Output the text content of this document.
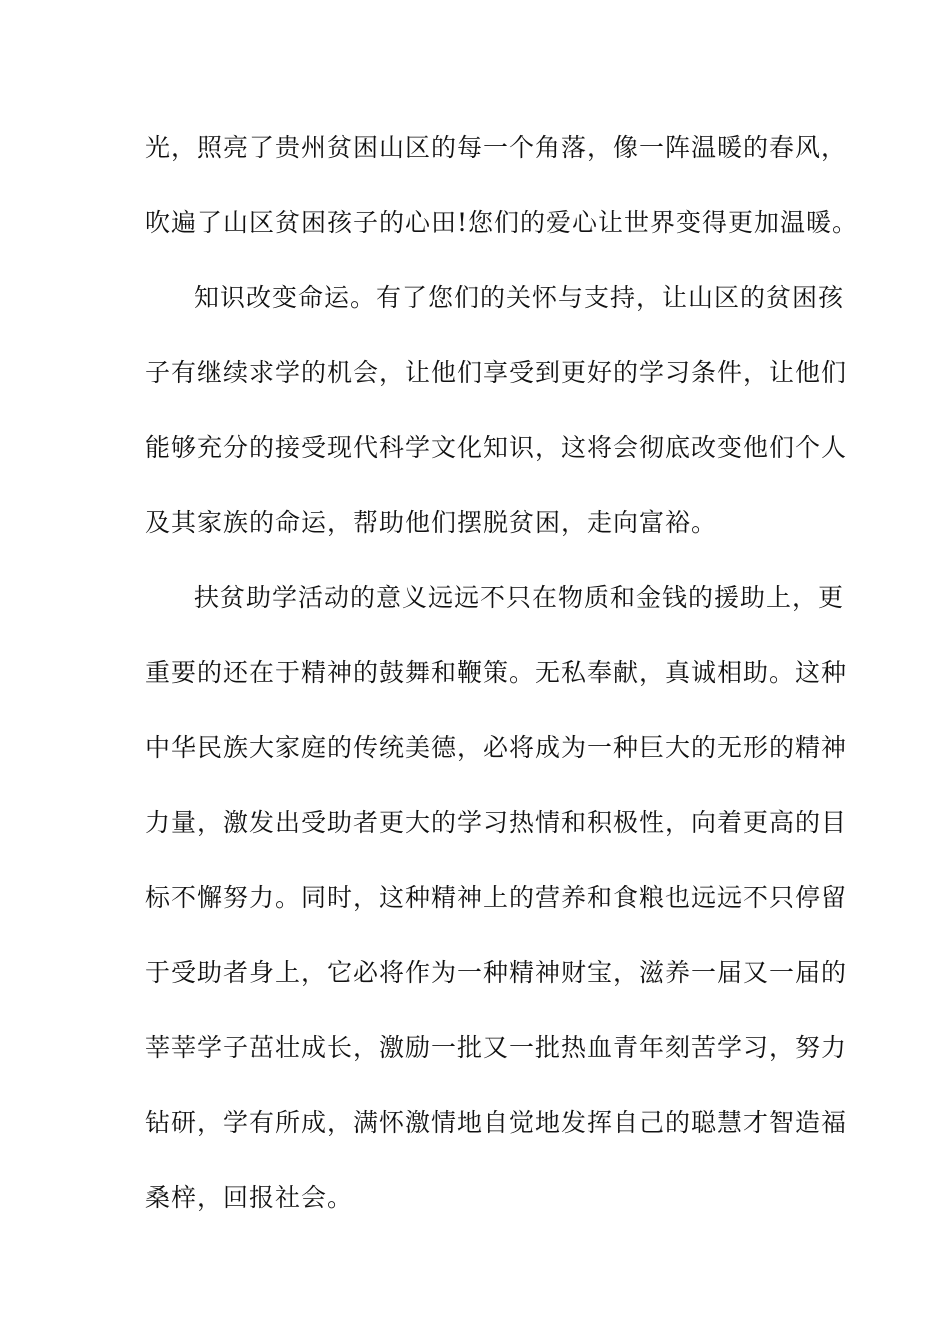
光，照亮了贵州贫困山区的每一个角落，像一阵温暖的春风，
吹遍了山区贫困孩子的心田!您们的爱心让世界变得更加温暖。
知识改变命运。有了您们的关怀与支持，让山区的贫困孩
子有继续求学的机会，让他们享受到更好的学习条件，让他们
能够充分的接受现代科学文化知识，这将会彻底改变他们个人
及其家族的命运，帮助他们摆脱贫困，走向富裕。
扶贫助学活动的意义远远不只在物质和金钱的援助上，更
重要的还在于精神的鼓舞和鞭策。无私奉献，真诚相助。这种
中华民族大家庭的传统美德，必将成为一种巨大的无形的精神
力量，激发出受助者更大的学习热情和积极性，向着更高的目
标不懈努力。同时，这种精神上的营养和食粮也远远不只停留
于受助者身上，它必将作为一种精神财宝，滋养一届又一届的
莘莘学子茁壮成长，激励一批又一批热血青年刻苦学习，努力
钻研，学有所成，满怀激情地自觉地发挥自己的聪慧才智造福
桑梓，回报社会。
